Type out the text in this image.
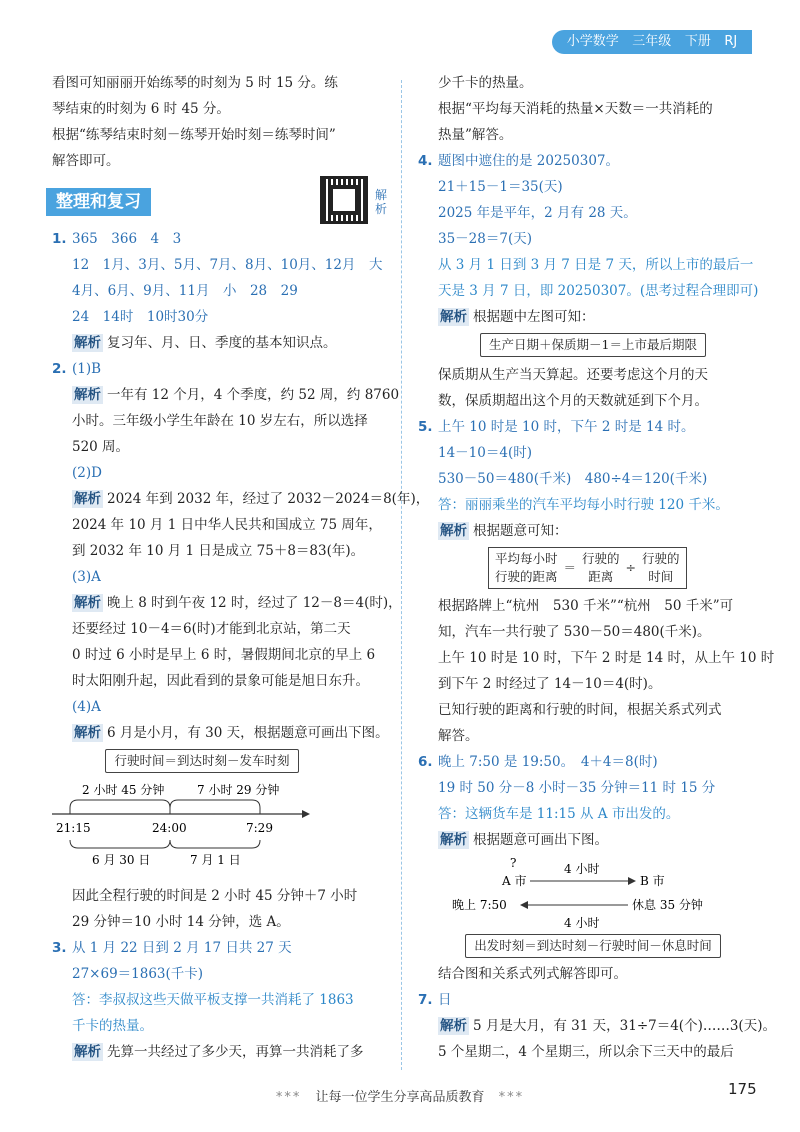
小学数学 三年级 下册 RJ
看图可知丽丽开始练琴的时刻为 5 时 15 分。练
琴结束的时刻为 6 时 45 分。
根据“练琴结束时刻－练琴开始时刻＝练琴时间”
解答即可。
整理和复习	解析
1. 365　366　4　3
12　1月、3月、5月、7月、8月、10月、12月　大
4月、6月、9月、11月　小　28　29
24　14时　10时30分
解析 复习年、月、日、季度的基本知识点。
2. (1)B
解析 一年有 12 个月，4 个季度，约 52 周，约 8760
小时。三年级小学生年龄在 10 岁左右，所以选择
520 周。
(2)D
解析 2024 年到 2032 年，经过了 2032－2024＝8(年)，
2024 年 10 月 1 日中华人民共和国成立 75 周年，
到 2032 年 10 月 1 日是成立 75＋8＝83(年)。
(3)A
解析 晚上 8 时到午夜 12 时，经过了 12－8＝4(时)，
还要经过 10－4＝6(时)才能到北京站，第二天
0 时过 6 小时是早上 6 时，暑假期间北京的早上 6
时太阳刚升起，因此看到的景象可能是旭日东升。
(4)A
解析 6 月是小月，有 30 天，根据题意可画出下图。
行驶时间＝到达时刻－发车时刻
2 小时 45 分钟	7 小时 29 分钟
21:15	24:00	7:29
6 月 30 日	7 月 1 日
因此全程行驶的时间是 2 小时 45 分钟＋7 小时
29 分钟＝10 小时 14 分钟，选 A。
3. 从 1 月 22 日到 2 月 17 日共 27 天
27×69＝1863(千卡)
答：李叔叔这些天做平板支撑一共消耗了 1863
千卡的热量。
解析 先算一共经过了多少天，再算一共消耗了多
少千卡的热量。
根据“平均每天消耗的热量×天数＝一共消耗的
热量”解答。
4. 题图中遮住的是 20250307。
21＋15－1＝35(天)
2025 年是平年，2 月有 28 天。
35－28＝7(天)
从 3 月 1 日到 3 月 7 日是 7 天，所以上市的最后一
天是 3 月 7 日，即 20250307。(思考过程合理即可)
解析 根据题中左图可知：
生产日期＋保质期－1＝上市最后期限
保质期从生产当天算起。还要考虑这个月的天
数，保质期超出这个月的天数就延到下个月。
5. 上午 10 时是 10 时，下午 2 时是 14 时。
14－10＝4(时)
530－50＝480(千米)　480÷4＝120(千米)
答：丽丽乘坐的汽车平均每小时行驶 120 千米。
解析 根据题意可知：
平均每小时
行驶的距离
＝
行驶的
距离
÷
行驶的
时间
根据路牌上“杭州　530 千米”“杭州　50 千米”可
知，汽车一共行驶了 530－50＝480(千米)。
上午 10 时是 10 时，下午 2 时是 14 时，从上午 10 时
到下午 2 时经过了 14－10＝4(时)。
已知行驶的距离和行驶的时间，根据关系式列式
解答。
6. 晚上 7:50 是 19:50。　4＋4＝8(时)
19 时 50 分－8 小时－35 分钟＝11 时 15 分
答：这辆货车是 11:15 从 A 市出发的。
解析 根据题意可画出下图。
?
A 市
4 小时
B 市
晚上 7:50	休息 35 分钟
4 小时
出发时刻＝到达时刻－行驶时间－休息时间
结合图和关系式列式解答即可。
7. 日
解析 5 月是大月，有 31 天，31÷7＝4(个)……3(天)。
5 个星期二，4 个星期三，所以余下三天中的最后
*** 让每一位学生分享高品质教育 ***	175
